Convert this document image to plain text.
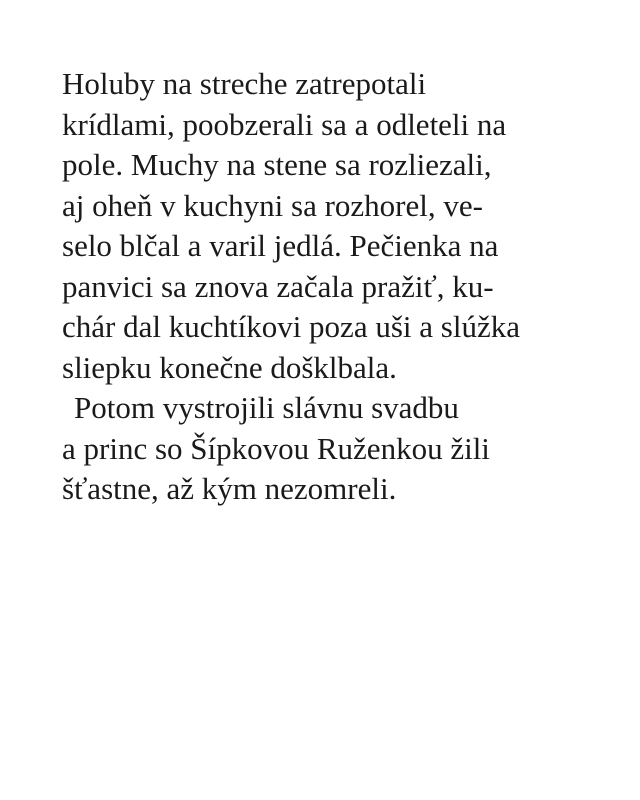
Holuby na streche zatrepotali
krídlami, poobzerali sa a odleteli na
pole. Muchy na stene sa rozliezali,
aj oheň v kuchyni sa rozhorel, ve-
selo blčal a varil jedlá. Pečienka na
panvici sa znova začala pražiť, ku-
chár dal kuchtíkovi poza uši a slúžka
sliepku konečne došklbala.
Potom vystrojili slávnu svadbu
a princ so Šípkovou Ruženkou žili
šťastne, až kým nezomreli.
